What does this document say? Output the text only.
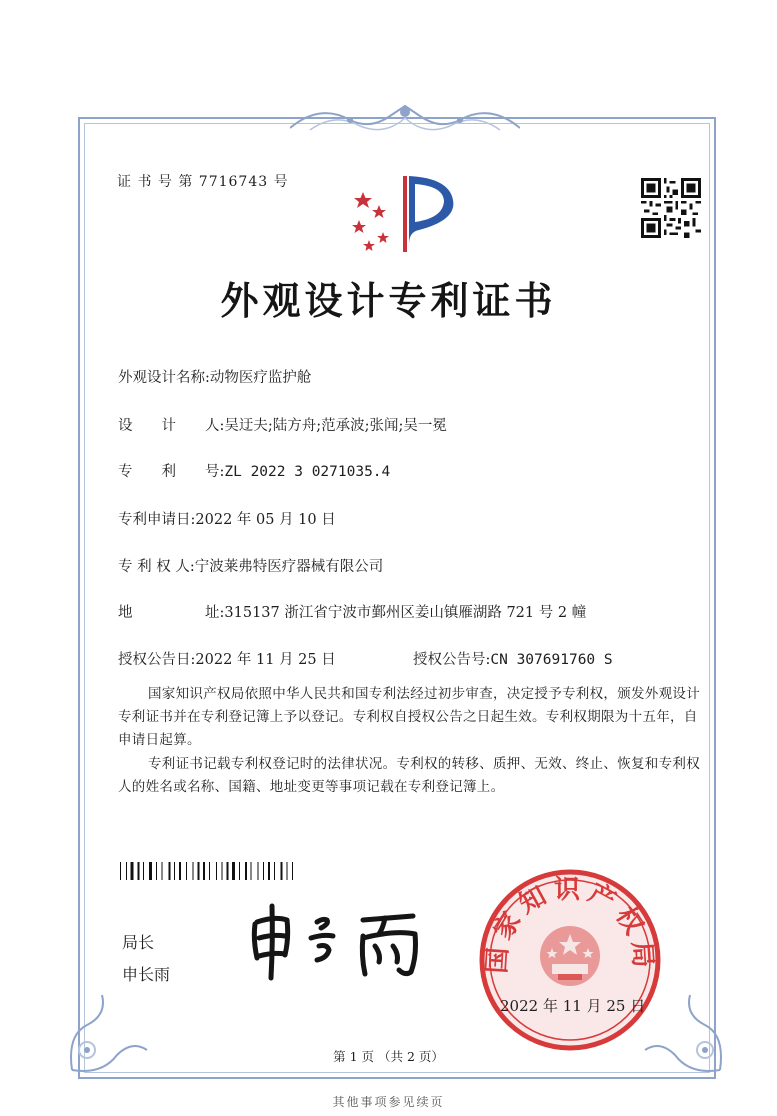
证 书 号 第 7716743 号
外观设计专利证书
外观设计名称:动物医疗监护舱
设　　计　　人:吴迂夫;陆方舟;范承波;张闻;吴一冕
专　　利　　号:ZL 2022 3 0271035.4
专利申请日:2022 年 05 月 10 日
专 利 权 人:宁波莱弗特医疗器械有限公司
地　　　　　址:315137 浙江省宁波市鄞州区姜山镇雁湖路 721 号 2 幢
授权公告日:2022 年 11 月 25 日	授权公告号:CN 307691760 S
国家知识产权局依照中华人民共和国专利法经过初步审查，决定授予专利权，颁发外观设计专利证书并在专利登记簿上予以登记。专利权自授权公告之日起生效。专利权期限为十五年，自申请日起算。
专利证书记载专利权登记时的法律状况。专利权的转移、质押、无效、终止、恢复和专利权人的姓名或名称、国籍、地址变更等事项记载在专利登记簿上。
局长
申长雨
国家知识产权局
2022 年 11 月 25 日
第 1 页 （共 2 页）
其他事项参见续页
